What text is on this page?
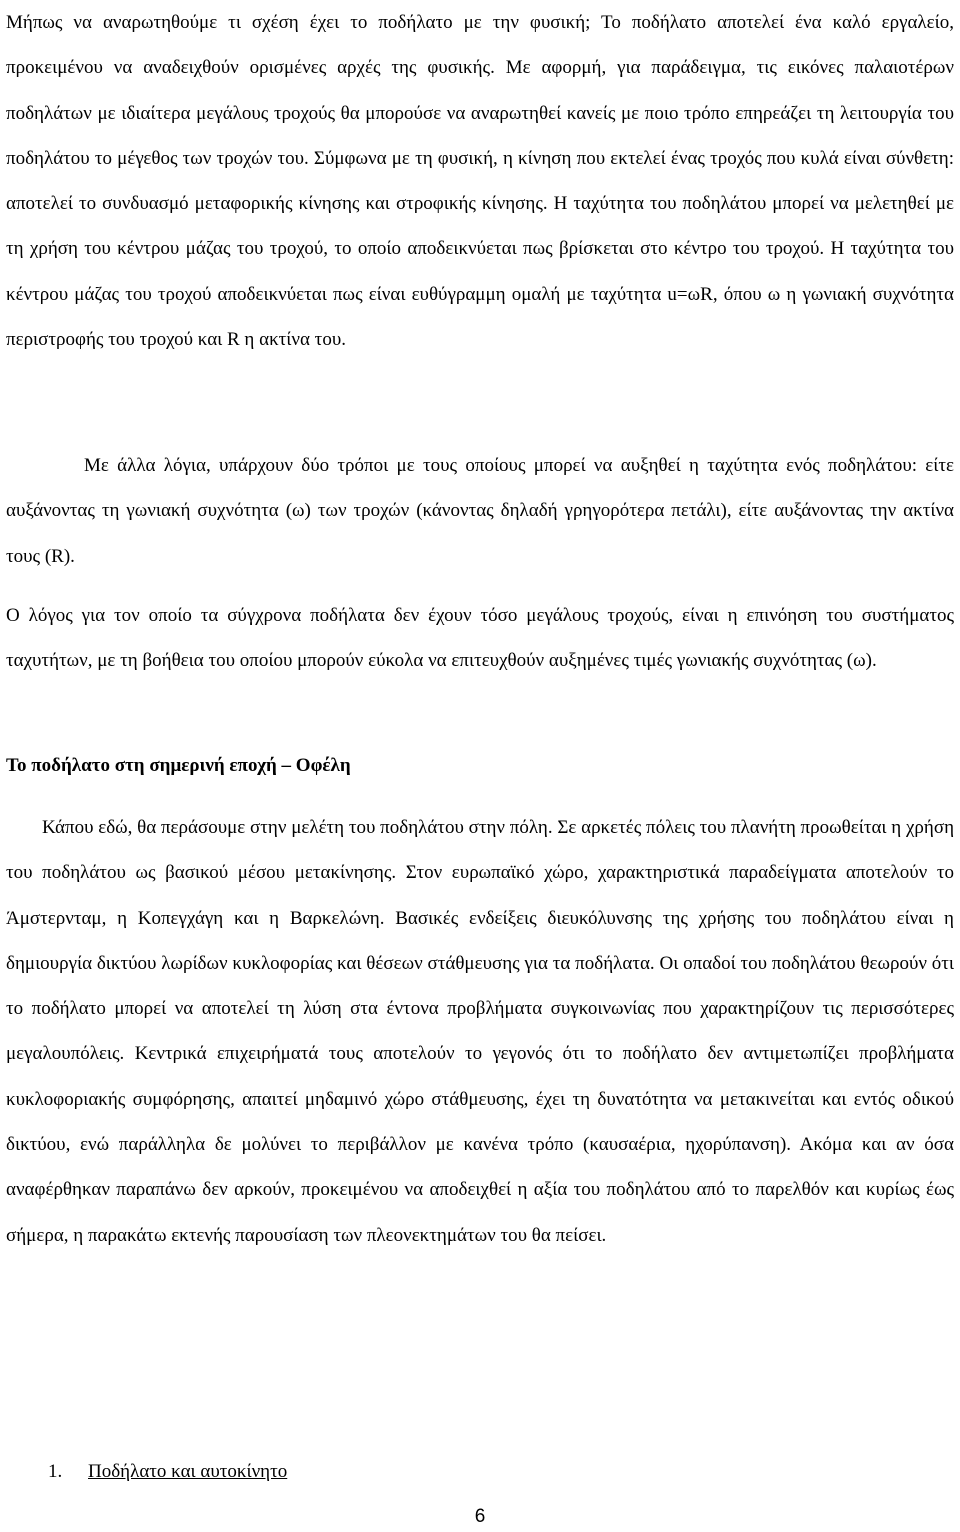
Μήπως να αναρωτηθούμε τι σχέση έχει το ποδήλατο με την φυσική; Το ποδήλατο αποτελεί ένα καλό εργαλείο, προκειμένου να αναδειχθούν ορισμένες αρχές της φυσικής. Με αφορμή, για παράδειγμα, τις εικόνες παλαιοτέρων ποδηλάτων με ιδιαίτερα μεγάλους τροχούς θα μπορούσε να αναρωτηθεί κανείς με ποιο τρόπο επηρεάζει τη λειτουργία του ποδηλάτου το μέγεθος των τροχών του. Σύμφωνα με τη φυσική, η κίνηση που εκτελεί ένας τροχός που κυλά είναι σύνθετη: αποτελεί το συνδυασμό μεταφορικής κίνησης και στροφικής κίνησης. Η ταχύτητα του ποδηλάτου μπορεί να μελετηθεί με τη χρήση του κέντρου μάζας του τροχού, το οποίο αποδεικνύεται πως βρίσκεται στο κέντρο του τροχού. Η ταχύτητα του κέντρου μάζας του τροχού αποδεικνύεται πως είναι ευθύγραμμη ομαλή με ταχύτητα u=ωR, όπου ω η γωνιακή συχνότητα περιστροφής του τροχού και R η ακτίνα του.

Με άλλα λόγια, υπάρχουν δύο τρόποι με τους οποίους μπορεί να αυξηθεί η ταχύτητα ενός ποδηλάτου: είτε αυξάνοντας τη γωνιακή συχνότητα (ω) των τροχών (κάνοντας δηλαδή γρηγορότερα πετάλι), είτε αυξάνοντας την ακτίνα τους (R).

Ο λόγος για τον οποίο τα σύγχρονα ποδήλατα δεν έχουν τόσο μεγάλους τροχούς, είναι η επινόηση του συστήματος ταχυτήτων, με τη βοήθεια του οποίου μπορούν εύκολα να επιτευχθούν αυξημένες τιμές γωνιακής συχνότητας (ω).

Το ποδήλατο στη σημερινή εποχή – Οφέλη

Κάπου εδώ, θα περάσουμε στην μελέτη του ποδηλάτου στην πόλη. Σε αρκετές πόλεις του πλανήτη προωθείται η χρήση του ποδηλάτου ως βασικού μέσου μετακίνησης. Στον ευρωπαϊκό χώρο, χαρακτηριστικά παραδείγματα αποτελούν το Άμστερνταμ, η Κοπεγχάγη και η Βαρκελώνη. Βασικές ενδείξεις διευκόλυνσης της χρήσης του ποδηλάτου είναι η δημιουργία δικτύου λωρίδων κυκλοφορίας και θέσεων στάθμευσης για τα ποδήλατα. Οι οπαδοί του ποδηλάτου θεωρούν ότι το ποδήλατο μπορεί να αποτελεί τη λύση στα έντονα προβλήματα συγκοινωνίας που χαρακτηρίζουν τις περισσότερες μεγαλουπόλεις. Κεντρικά επιχειρήματά τους αποτελούν το γεγονός ότι το ποδήλατο δεν αντιμετωπίζει προβλήματα κυκλοφοριακής συμφόρησης, απαιτεί μηδαμινό χώρο στάθμευσης, έχει τη δυνατότητα να μετακινείται και εντός οδικού δικτύου, ενώ παράλληλα δε μολύνει το περιβάλλον με κανένα τρόπο (καυσαέρια, ηχορύπανση). Ακόμα και αν όσα αναφέρθηκαν παραπάνω δεν αρκούν, προκειμένου να αποδειχθεί η αξία του ποδηλάτου από το παρελθόν και κυρίως έως σήμερα, η παρακάτω εκτενής παρουσίαση των πλεονεκτημάτων του θα πείσει.

1. Ποδήλατο και αυτοκίνητο
6
